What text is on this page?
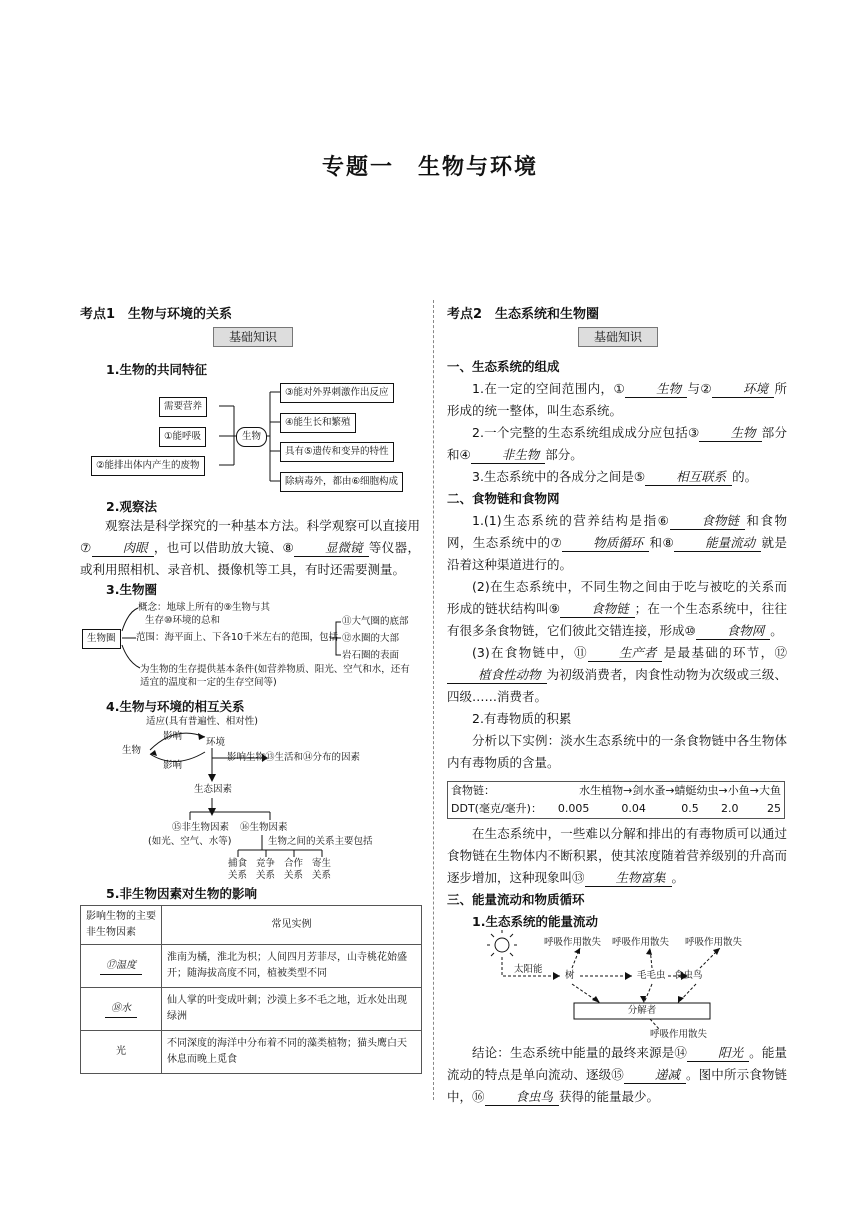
专题一　生物与环境
考点1　生物与环境的关系
基础知识
1.生物的共同特征
需要营养
①能呼吸
②能排出体内产生的废物
生物
③能对外界刺激作出反应
④能生长和繁殖
具有⑤遗传和变异的特性
除病毒外，都由⑥细胞构成
2.观察法
观察法是科学探究的一种基本方法。科学观察可以直接用⑦ 肉眼 ，也可以借助放大镜、⑧ 显微镜 等仪器，或利用照相机、录音机、摄像机等工具，有时还需要测量。
3.生物圈
生物圈
概念：地球上所有的⑨生物与其
生存⑩环境的总和
范围：海平面上、下各10千米左右的范围，包括
⑪大气圈的底部
⑫水圈的大部
岩石圈的表面
为生物的生存提供基本条件(如营养物质、阳光、空气和水，还有
适宜的温度和一定的生存空间等)
4.生物与环境的相互关系
适应(具有普遍性、相对性)
影响
生物
环境
影响
影响生物⑬生活和⑭分布的因素
生态因素
⑮非生物因素
(如光、空气、水等)
⑯生物因素
生物之间的关系主要包括
捕食
关系
竞争
关系
合作
关系
寄生
关系
5.非生物因素对生物的影响
影响生物的主要非生物因素	常见实例
⑰温度	淮南为橘，淮北为枳；人间四月芳菲尽，山寺桃花始盛开；随海拔高度不同，植被类型不同
⑱水	仙人掌的叶变成叶刺；沙漠上多不毛之地，近水处出现绿洲
光	不同深度的海洋中分布着不同的藻类植物；猫头鹰白天休息而晚上觅食
考点2　生态系统和生物圈
基础知识
一、生态系统的组成
1.在一定的空间范围内，① 生物 与② 环境 所形成的统一整体，叫生态系统。
2.一个完整的生态系统组成成分应包括③ 生物 部分和④ 非生物 部分。
3.生态系统中的各成分之间是⑤ 相互联系 的。
二、食物链和食物网
1.(1)生态系统的营养结构是指⑥ 食物链 和食物网，生态系统中的⑦ 物质循环 和⑧ 能量流动 就是沿着这种渠道进行的。
(2)在生态系统中，不同生物之间由于吃与被吃的关系而形成的链状结构叫⑨ 食物链 ；在一个生态系统中，往往有很多条食物链，它们彼此交错连接，形成⑩ 食物网 。
(3)在食物链中，⑪ 生产者 是最基础的环节，⑫植食性动物 为初级消费者，肉食性动物为次级或三级、四级……消费者。
2.有毒物质的积累
分析以下实例：淡水生态系统中的一条食物链中各生物体内有毒物质的含量。
食物链：	水生植物→剑水蚤→蜻蜓幼虫→小鱼→大鱼				
DDT(毫克/毫升)：	0.005	0.04	0.5	2.0	25
在生态系统中，一些难以分解和排出的有毒物质可以通过食物链在生物体内不断积累，使其浓度随着营养级别的升高而逐步增加，这种现象叫⑬ 生物富集 。
三、能量流动和物质循环
1.生态系统的能量流动
呼吸作用散失 呼吸作用散失 呼吸作用散失
太阳能
树	毛毛虫 食虫鸟
分解者
呼吸作用散失
结论：生态系统中能量的最终来源是⑭ 阳光 。能量流动的特点是单向流动、逐级⑮ 递减 。图中所示食物链中，⑯ 食虫鸟 获得的能量最少。
